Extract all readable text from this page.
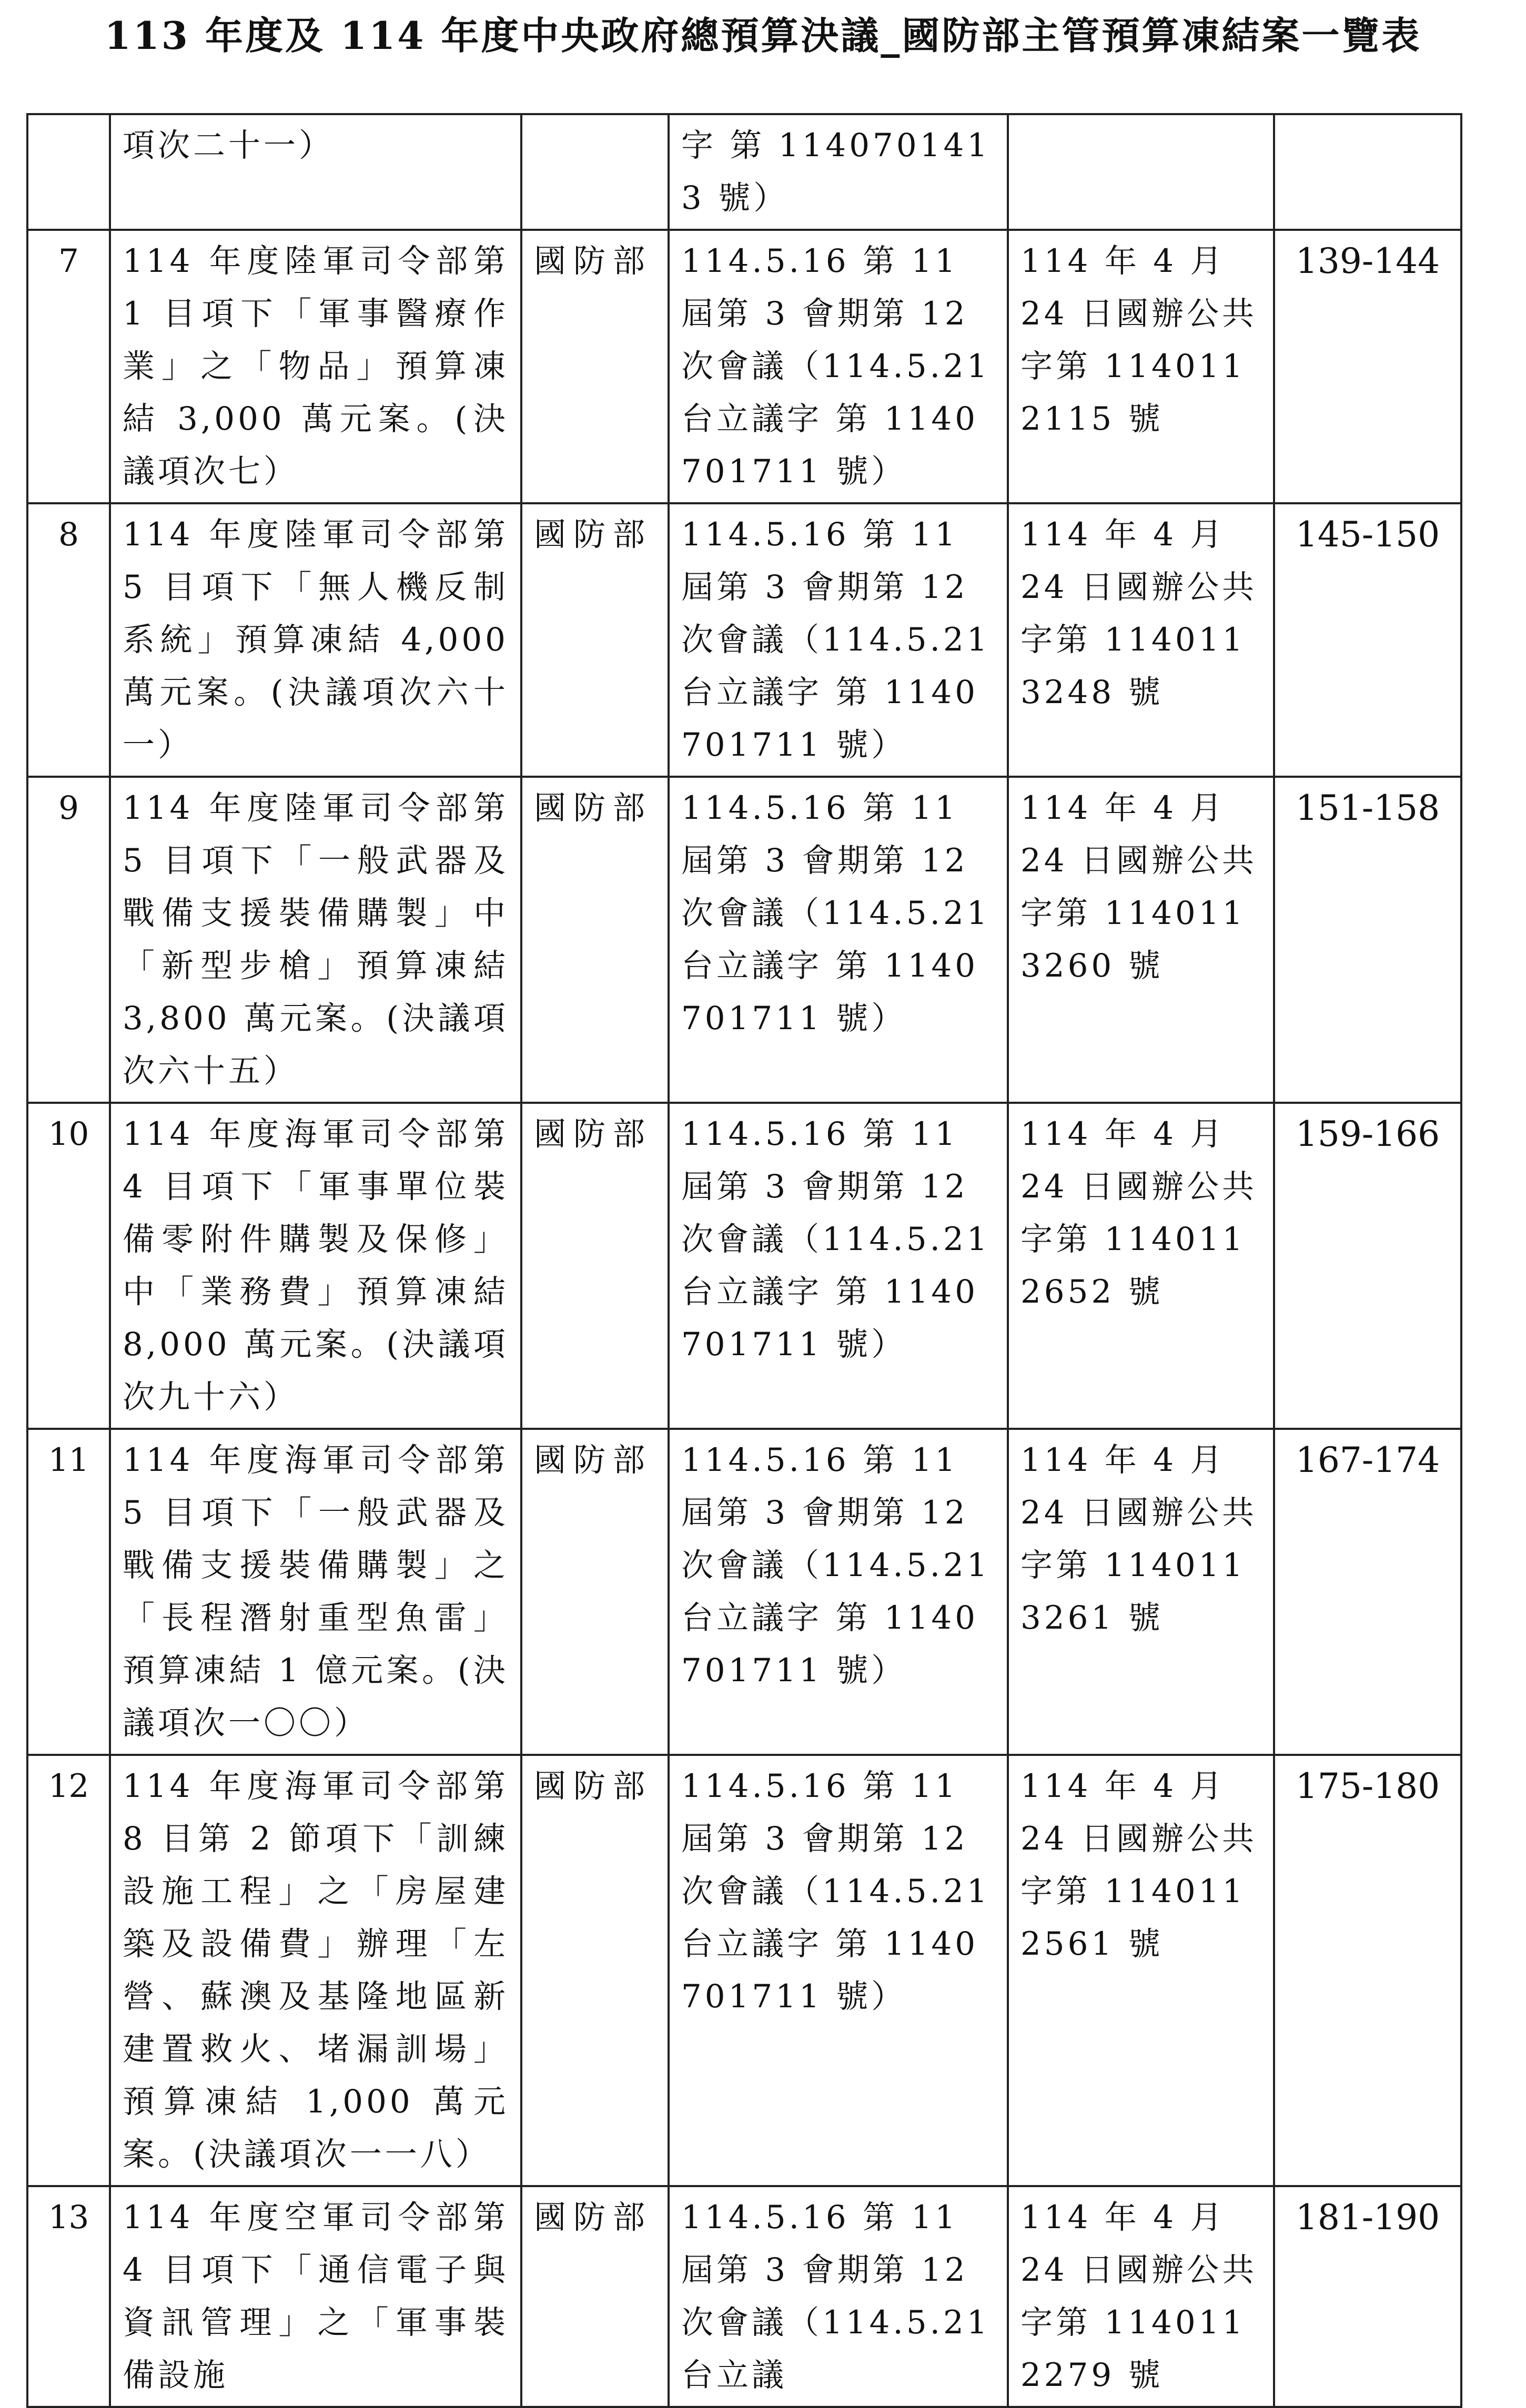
113 年度及 114 年度中央政府總預算決議_國防部主管預算凍結案一覽表
	項次二十一）		字 第 1140701413 號）		
7	114 年度陸軍司令部第 1 目項下「軍事醫療作業」之「物品」預算凍結 3,000 萬元案。(決議項次七）	國防部	114.5.16 第 11 屆第 3 會期第 12 次會議（114.5.21 台立議字 第 1140701711 號）	114 年 4 月 24 日國辦公共字第 1140112115 號	139-144
8	114 年度陸軍司令部第 5 目項下「無人機反制系統」預算凍結 4,000 萬元案。(決議項次六十一）	國防部	114.5.16 第 11 屆第 3 會期第 12 次會議（114.5.21 台立議字 第 1140701711 號）	114 年 4 月 24 日國辦公共字第 1140113248 號	145-150
9	114 年度陸軍司令部第 5 目項下「一般武器及戰備支援裝備購製」中「新型步槍」預算凍結 3,800 萬元案。(決議項次六十五）	國防部	114.5.16 第 11 屆第 3 會期第 12 次會議（114.5.21 台立議字 第 1140701711 號）	114 年 4 月 24 日國辦公共字第 1140113260 號	151-158
10	114 年度海軍司令部第 4 目項下「軍事單位裝備零附件購製及保修」中「業務費」預算凍結 8,000 萬元案。(決議項次九十六）	國防部	114.5.16 第 11 屆第 3 會期第 12 次會議（114.5.21 台立議字 第 1140701711 號）	114 年 4 月 24 日國辦公共字第 1140112652 號	159-166
11	114 年度海軍司令部第 5 目項下「一般武器及戰備支援裝備購製」之「長程潛射重型魚雷」預算凍結 1 億元案。(決議項次一〇〇）	國防部	114.5.16 第 11 屆第 3 會期第 12 次會議（114.5.21 台立議字 第 1140701711 號）	114 年 4 月 24 日國辦公共字第 1140113261 號	167-174
12	114 年度海軍司令部第 8 目第 2 節項下「訓練設施工程」之「房屋建築及設備費」辦理「左營、蘇澳及基隆地區新建置救火、堵漏訓場」預算凍結 1,000 萬元案。(決議項次一一八）	國防部	114.5.16 第 11 屆第 3 會期第 12 次會議（114.5.21 台立議字 第 1140701711 號）	114 年 4 月 24 日國辦公共字第 1140112561 號	175-180
13	114 年度空軍司令部第 4 目項下「通信電子與資訊管理」之「軍事裝備設施	國防部	114.5.16 第 11 屆第 3 會期第 12 次會議（114.5.21 台立議	114 年 4 月 24 日國辦公共字第 1140112279 號	181-190
